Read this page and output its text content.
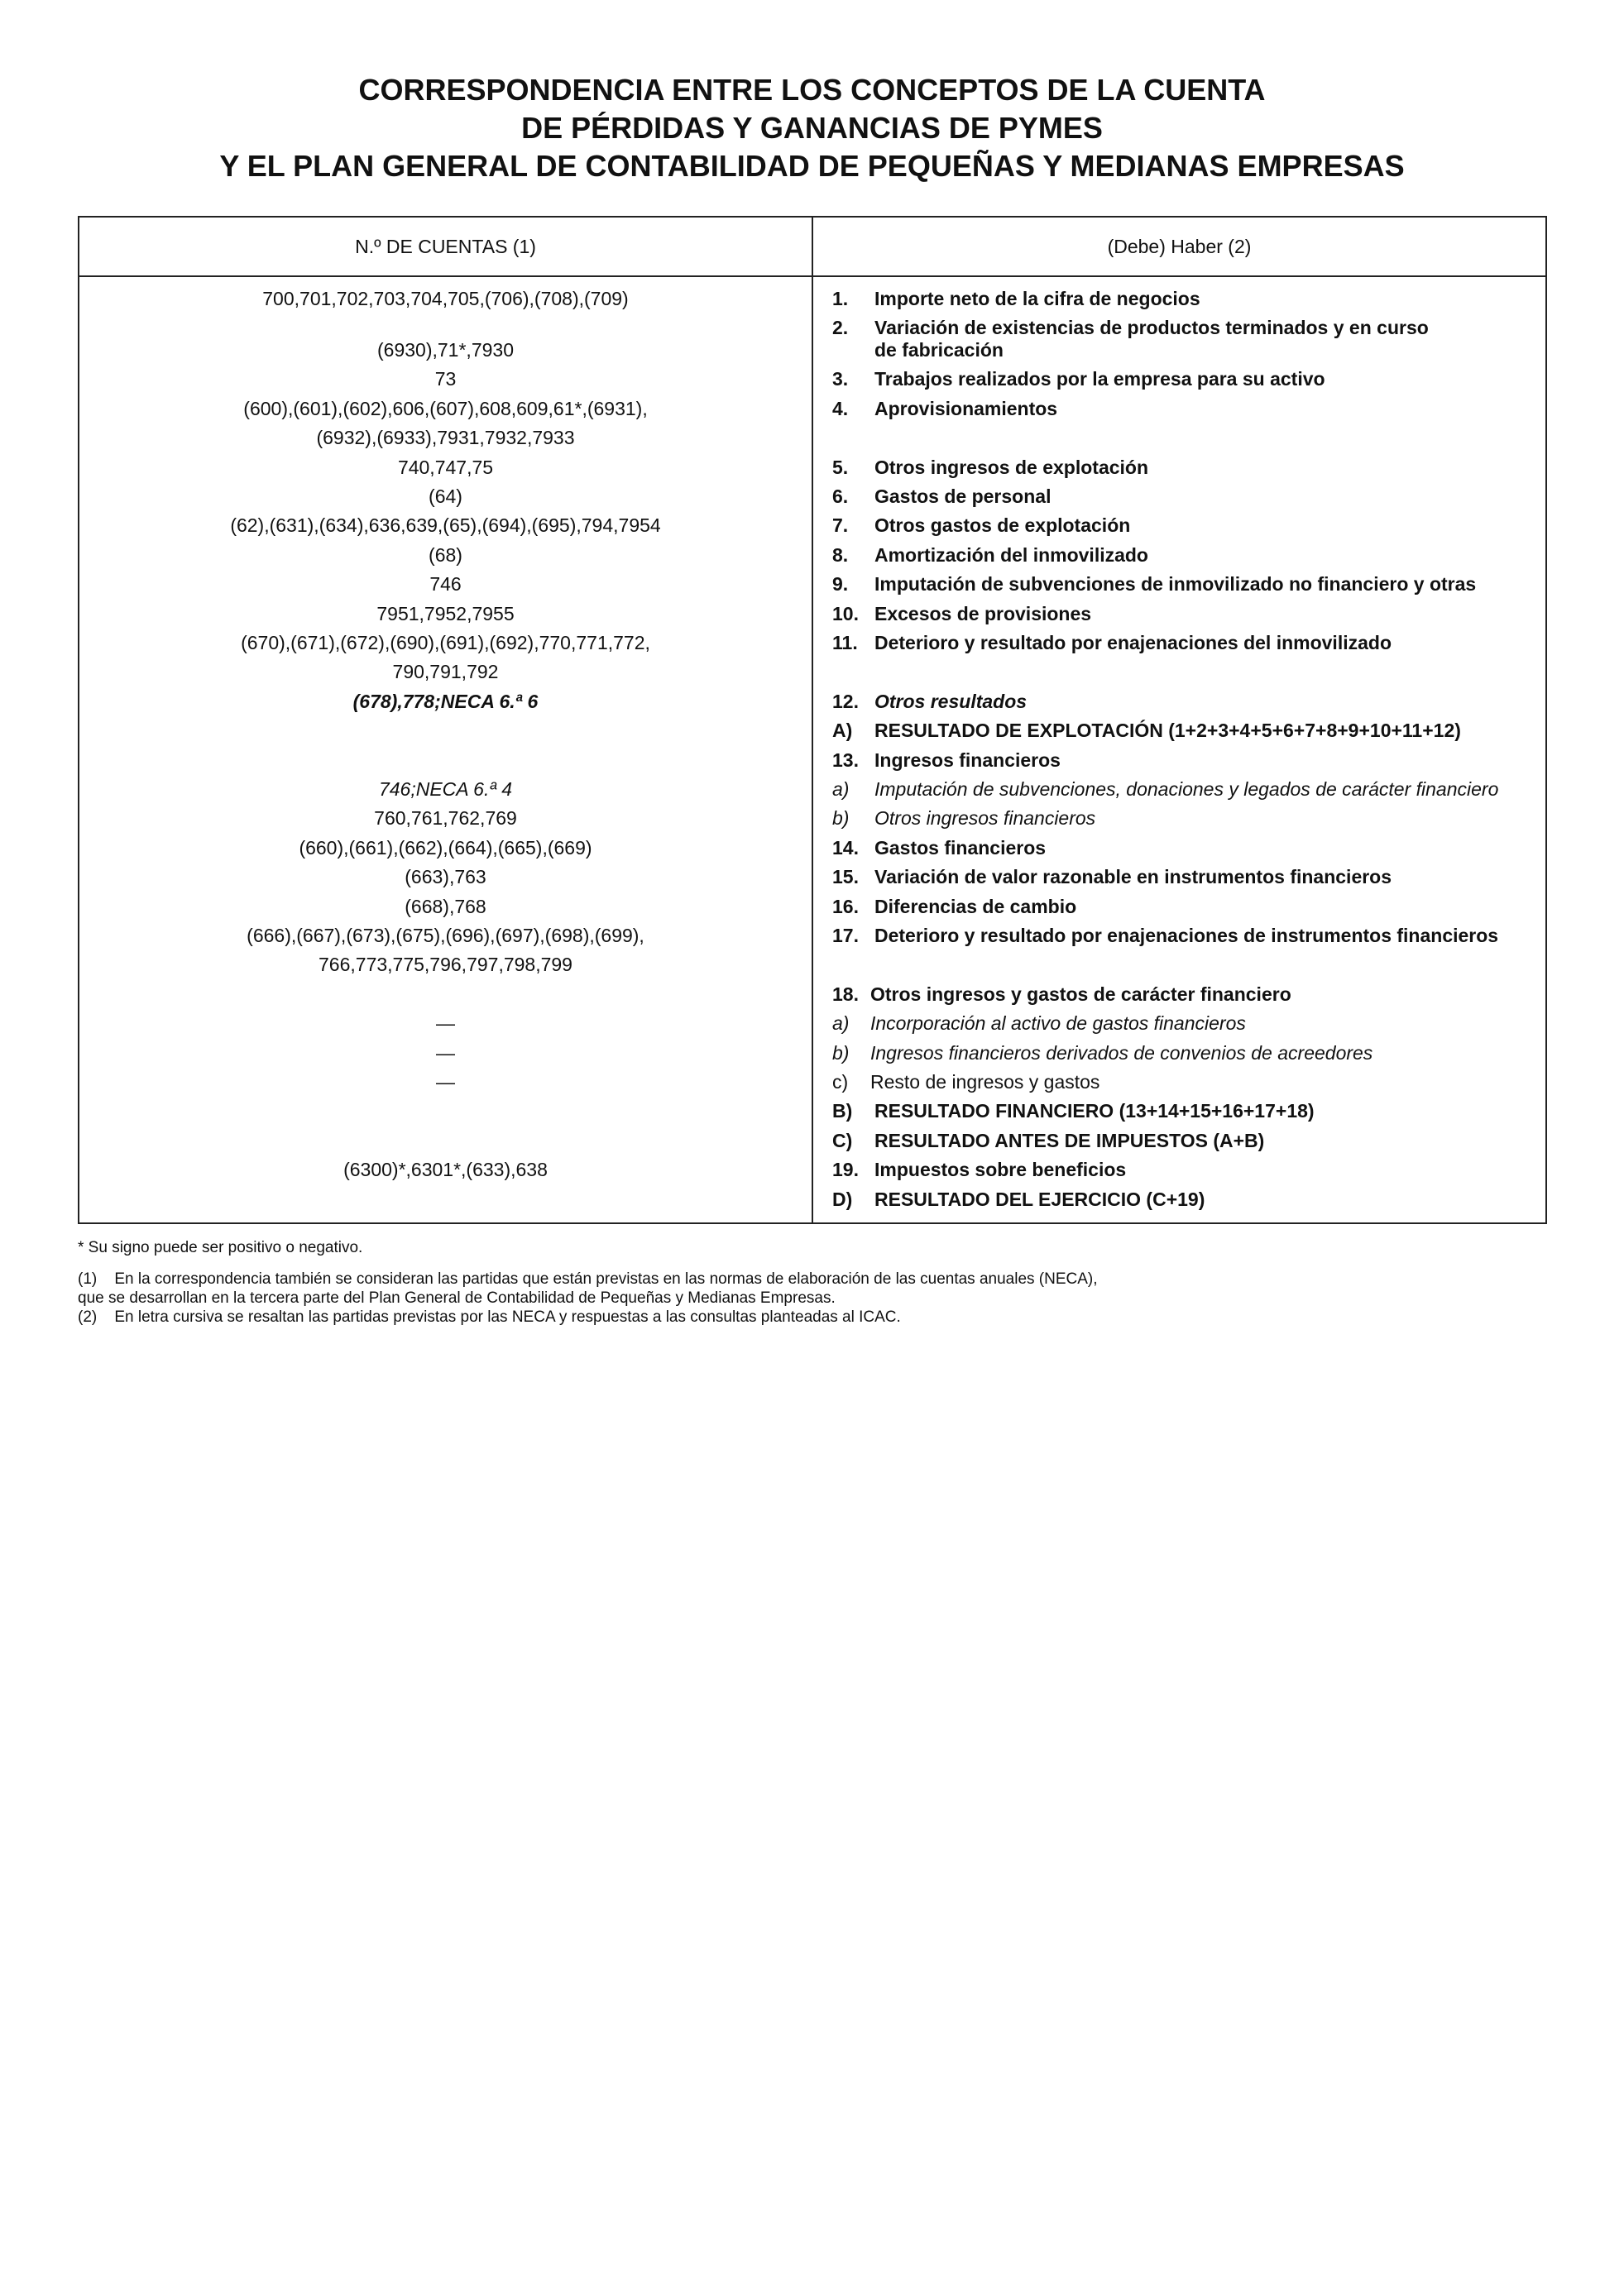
CORRESPONDENCIA ENTRE LOS CONCEPTOS DE LA CUENTA
DE PÉRDIDAS Y GANANCIAS DE PYMES
Y EL PLAN GENERAL DE CONTABILIDAD DE PEQUEÑAS Y MEDIANAS EMPRESAS
N.º DE CUENTAS (1)	(Debe) Haber (2)
700,701,702,703,704,705,(706),(708),(709)
(6930),71*,7930
73
(600),(601),(602),606,(607),608,609,61*,(6931),
(6932),(6933),7931,7932,7933
740,747,75
(64)
(62),(631),(634),636,639,(65),(694),(695),794,7954
(68)
746
7951,7952,7955
(670),(671),(672),(690),(691),(692),770,771,772,
790,791,792
(678),778;NECA 6.ª 6
746;NECA 6.ª 4
760,761,762,769
(660),(661),(662),(664),(665),(669)
(663),763
(668),768
(666),(667),(673),(675),(696),(697),(698),(699),
766,773,775,796,797,798,799
—
—
—
(6300)*,6301*,(633),638
1. Importe neto de la cifra de negocios
2. Variación de existencias de productos terminados y en curso
de fabricación
3. Trabajos realizados por la empresa para su activo
4. Aprovisionamientos
5. Otros ingresos de explotación
6. Gastos de personal
7. Otros gastos de explotación
8. Amortización del inmovilizado
9. Imputación de subvenciones de inmovilizado no financiero y otras
10. Excesos de provisiones
11. Deterioro y resultado por enajenaciones del inmovilizado
12. Otros resultados
A) RESULTADO DE EXPLOTACIÓN (1+2+3+4+5+6+7+8+9+10+11+12)
13. Ingresos financieros
a) Imputación de subvenciones, donaciones y legados de carácter financiero
b) Otros ingresos financieros
14. Gastos financieros
15. Variación de valor razonable en instrumentos financieros
16. Diferencias de cambio
17. Deterioro y resultado por enajenaciones de instrumentos financieros
18. Otros ingresos y gastos de carácter financiero
a) Incorporación al activo de gastos financieros
b) Ingresos financieros derivados de convenios de acreedores
c) Resto de ingresos y gastos
B) RESULTADO FINANCIERO (13+14+15+16+17+18)
C) RESULTADO ANTES DE IMPUESTOS (A+B)
19. Impuestos sobre beneficios
D) RESULTADO DEL EJERCICIO (C+19)
* Su signo puede ser positivo o negativo.
(1)    En la correspondencia también se consideran las partidas que están previstas en las normas de elaboración de las cuentas anuales (NECA),
que se desarrollan en la tercera parte del Plan General de Contabilidad de Pequeñas y Medianas Empresas.
(2)    En letra cursiva se resaltan las partidas previstas por las NECA y respuestas a las consultas planteadas al ICAC.
